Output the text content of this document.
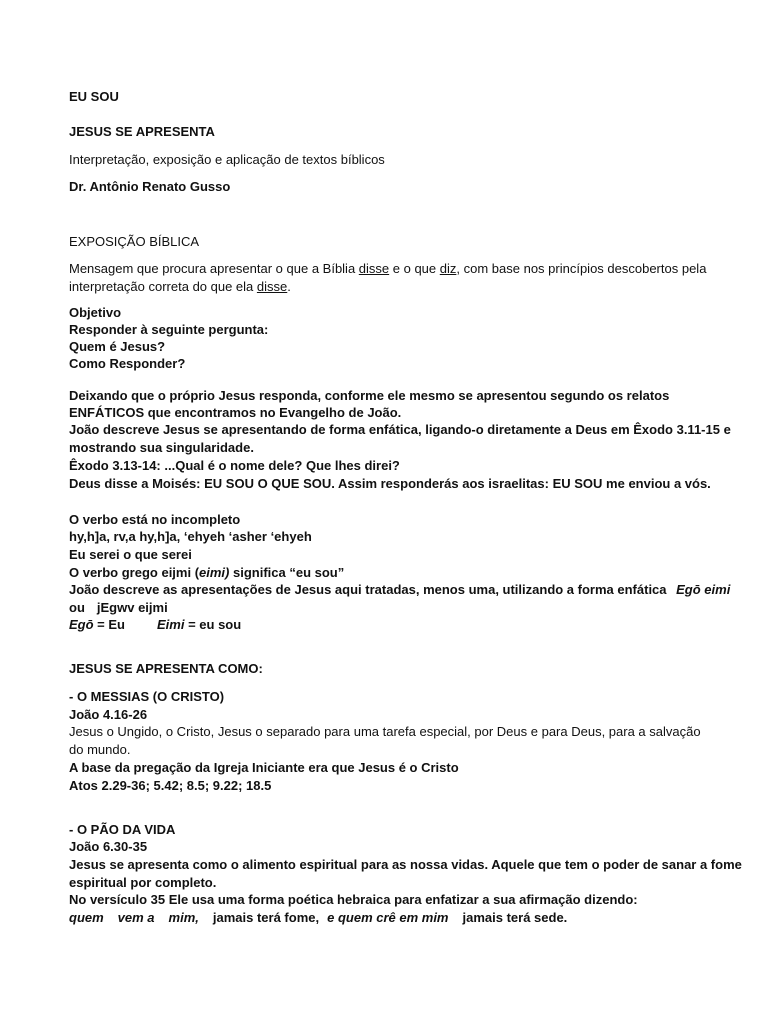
EU SOU
JESUS SE APRESENTA
Interpretação, exposição e aplicação de textos bíblicos
Dr. Antônio Renato Gusso
EXPOSIÇÃO BÍBLICA
Mensagem que procura apresentar o que a Bíblia disse e o que diz, com base nos princípios descobertos pela
interpretação correta do que ela disse.
Objetivo
Responder à seguinte pergunta:
Quem é Jesus?
Como Responder?
Deixando que o próprio Jesus responda, conforme ele mesmo se apresentou segundo os relatos
ENFÁTICOS que encontramos no Evangelho de João.
João descreve Jesus se apresentando de forma enfática, ligando-o diretamente a Deus em Êxodo 3.11-15 e
mostrando sua singularidade.
Êxodo 3.13-14: ...Qual é o nome dele? Que lhes direi?
Deus disse a Moisés: EU SOU O QUE SOU. Assim responderás aos israelitas: EU SOU me enviou a vós.
O verbo está no incompleto
hy,h]a, rv,a hy,h]a, ‘ehyeh ‘asher ‘ehyeh
Eu serei o que serei
O verbo grego eijmi (eimi) significa “eu sou”
João descreve as apresentações de Jesus aqui tratadas, menos uma, utilizando a forma enfática Egō eimi
ou jEgwv eijmi
Egō = Eu Eimi = eu sou
JESUS SE APRESENTA COMO:
- O MESSIAS (O CRISTO)
João 4.16-26
Jesus o Ungido, o Cristo, Jesus o separado para uma tarefa especial, por Deus e para Deus, para a salvação
do mundo.
A base da pregação da Igreja Iniciante era que Jesus é o Cristo
Atos 2.29-36; 5.42; 8.5; 9.22; 18.5
- O PÃO DA VIDA
João 6.30-35
Jesus se apresenta como o alimento espiritual para as nossa vidas. Aquele que tem o poder de sanar a fome
espiritual por completo.
No versículo 35 Ele usa uma forma poética hebraica para enfatizar a sua afirmação dizendo:
quem vem a mim, jamais terá fome, e quem crê em mim jamais terá sede.
